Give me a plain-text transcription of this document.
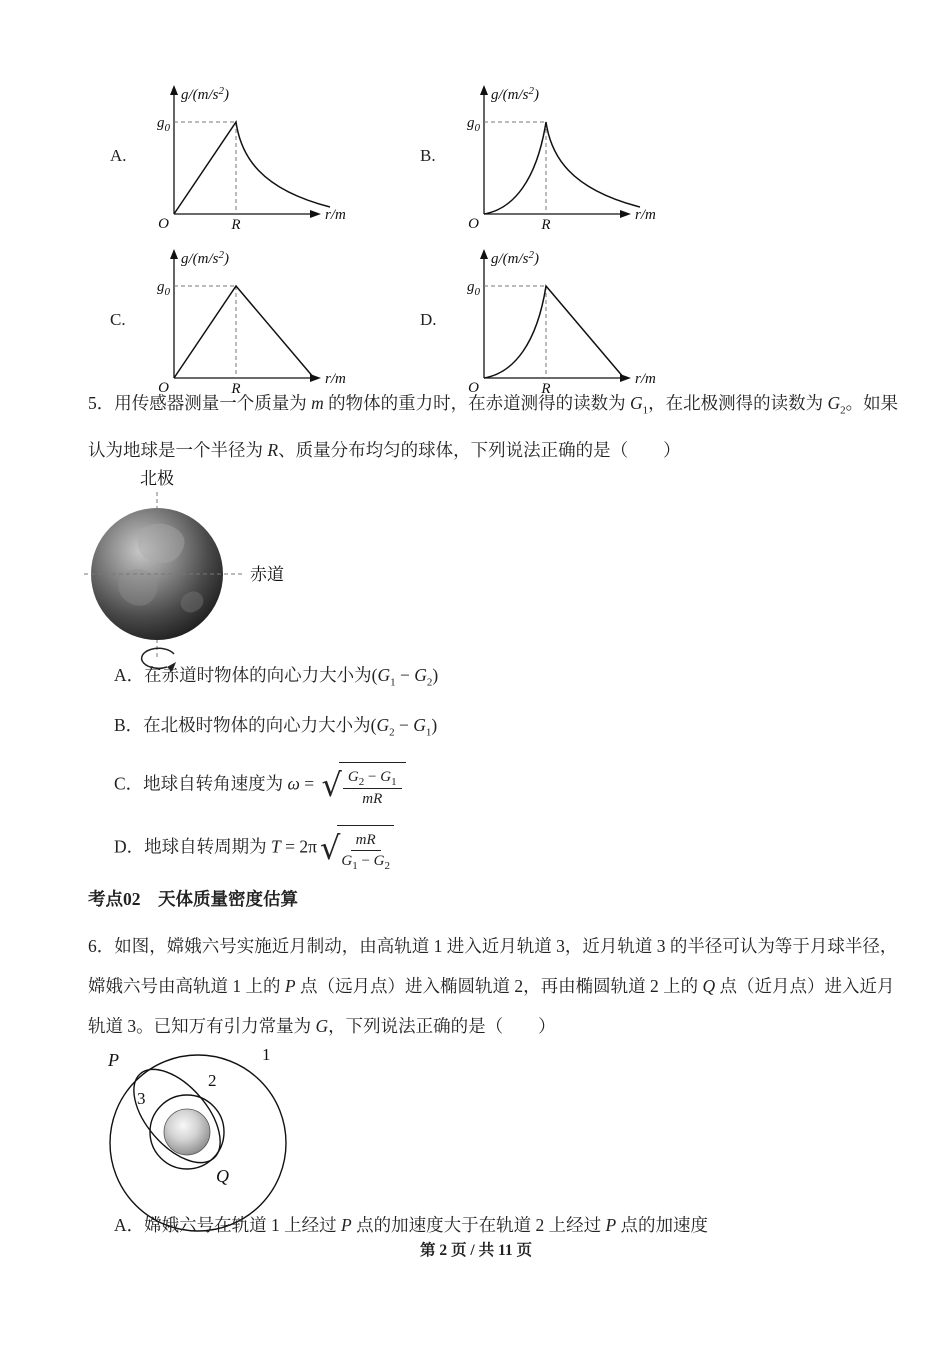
A.
$g/(m/s^2)$
r/m
O
$g_0$
R
B.
$g/(m/s^2)$
r/m
O
$g_0$
R
C.
$g/(m/s^2)$
r/m
O
$g_0$
R
D.
$g/(m/s^2)$
r/m
O
$g_0$
R
5．用传感器测量一个质量为 m 的物体的重力时，在赤道测得的读数为 $G_1$，在北极测得的读数为 $G_2$。如果
认为地球是一个半径为 R、质量分布均匀的球体，下列说法正确的是（　　）
北极
赤道
A．在赤道时物体的向心力大小为$(G_1 - G_2)$
B．在北极时物体的向心力大小为$(G_2 - G_1)$
C．地球自转角速度为 ω = √ $\frac{G_2 - G_1}{mR}$
D．地球自转周期为 T = 2π √ $\frac{mR}{G_1 - G_2}$
考点02　天体质量密度估算
6．如图，嫦娥六号实施近月制动，由高轨道 1 进入近月轨道 3，近月轨道 3 的半径可认为等于月球半径，
嫦娥六号由高轨道 1 上的 P 点（远月点）进入椭圆轨道 2，再由椭圆轨道 2 上的 Q 点（近月点）进入近月
轨道 3。已知万有引力常量为 G，下列说法正确的是（　　）
P	1
2
3
Q
A．嫦娥六号在轨道 1 上经过 P 点的加速度大于在轨道 2 上经过 P 点的加速度
第 2 页 / 共 11 页
